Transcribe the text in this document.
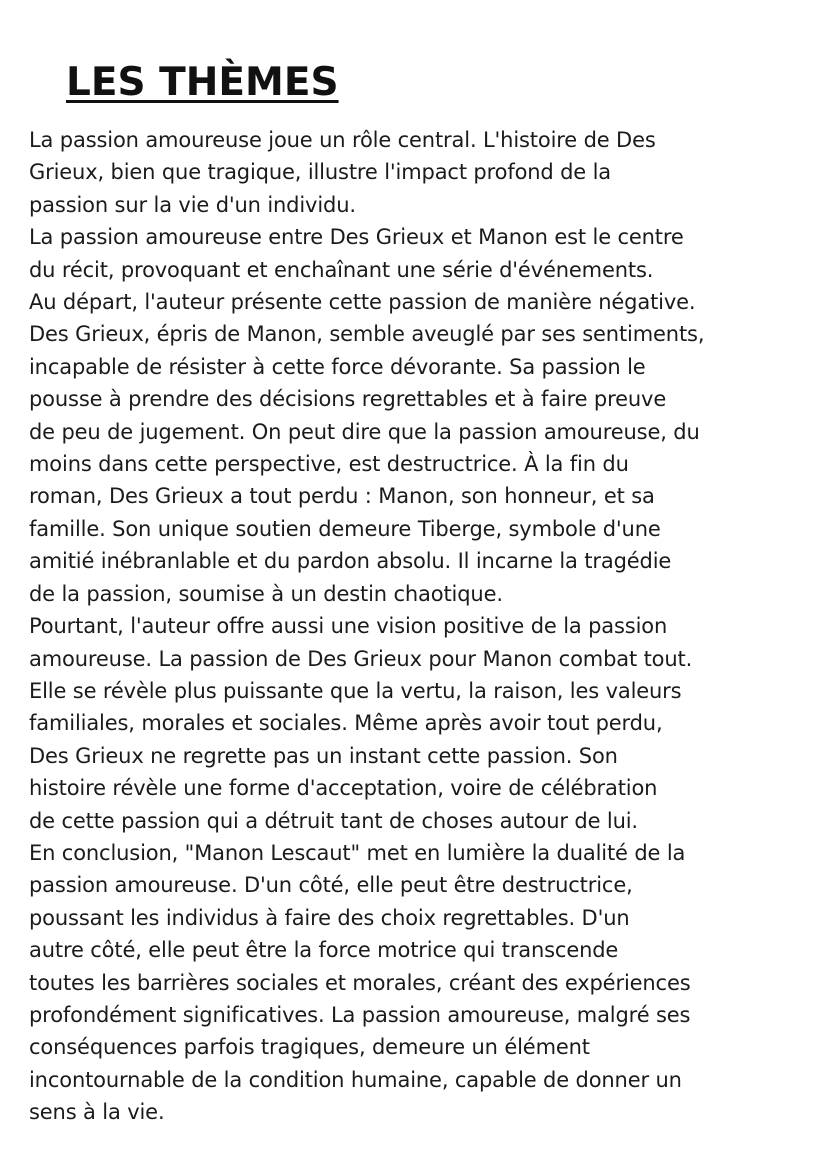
LES THÈMES
La passion amoureuse joue un rôle central. L'histoire de Des
Grieux, bien que tragique, illustre l'impact profond de la
passion sur la vie d'un individu.
La passion amoureuse entre Des Grieux et Manon est le centre
du récit, provoquant et enchaînant une série d'événements.
Au départ, l'auteur présente cette passion de manière négative.
Des Grieux, épris de Manon, semble aveuglé par ses sentiments,
incapable de résister à cette force dévorante. Sa passion le
pousse à prendre des décisions regrettables et à faire preuve
de peu de jugement. On peut dire que la passion amoureuse, du
moins dans cette perspective, est destructrice. À la fin du
roman, Des Grieux a tout perdu : Manon, son honneur, et sa
famille. Son unique soutien demeure Tiberge, symbole d'une
amitié inébranlable et du pardon absolu. Il incarne la tragédie
de la passion, soumise à un destin chaotique.
Pourtant, l'auteur offre aussi une vision positive de la passion
amoureuse. La passion de Des Grieux pour Manon combat tout.
Elle se révèle plus puissante que la vertu, la raison, les valeurs
familiales, morales et sociales. Même après avoir tout perdu,
Des Grieux ne regrette pas un instant cette passion. Son
histoire révèle une forme d'acceptation, voire de célébration
de cette passion qui a détruit tant de choses autour de lui.
En conclusion, "Manon Lescaut" met en lumière la dualité de la
passion amoureuse. D'un côté, elle peut être destructrice,
poussant les individus à faire des choix regrettables. D'un
autre côté, elle peut être la force motrice qui transcende
toutes les barrières sociales et morales, créant des expériences
profondément significatives. La passion amoureuse, malgré ses
conséquences parfois tragiques, demeure un élément
incontournable de la condition humaine, capable de donner un
sens à la vie.
